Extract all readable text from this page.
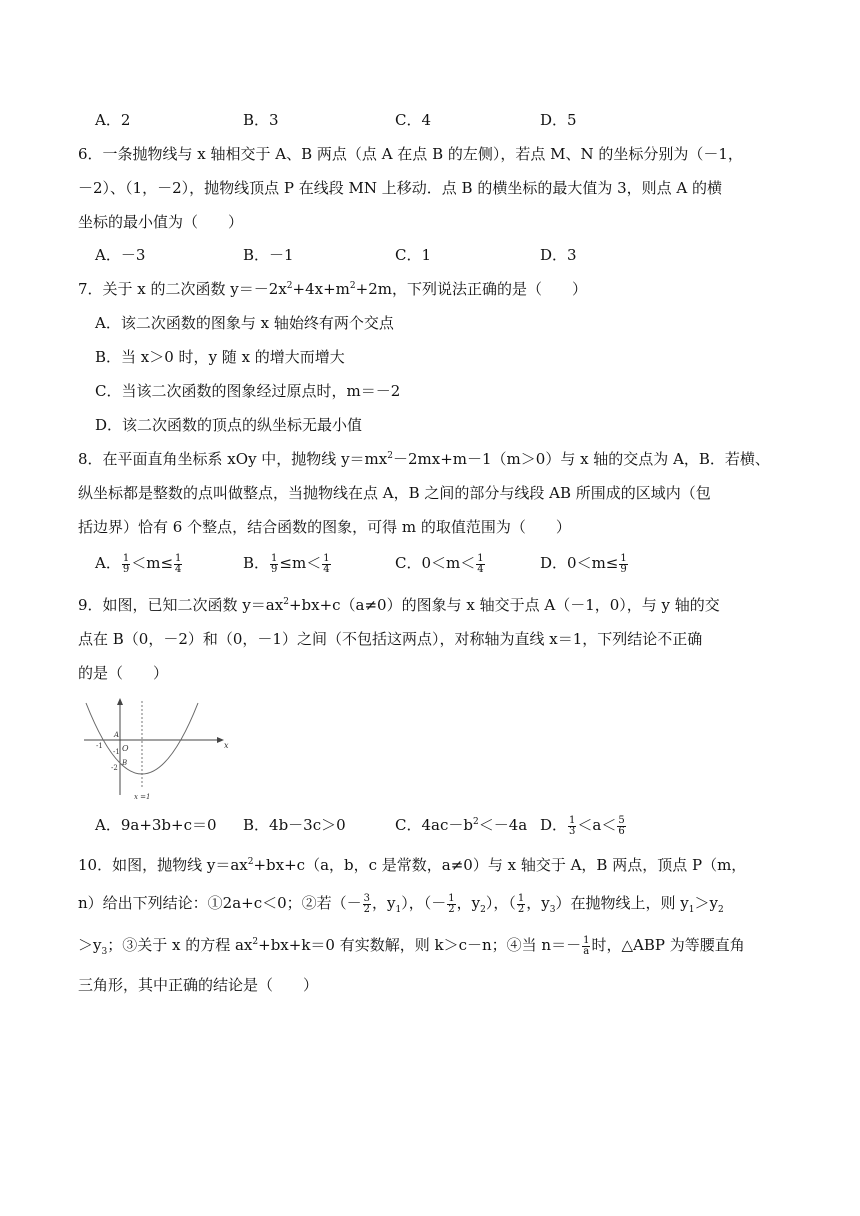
A．2	B．3	C．4	D．5
6．一条抛物线与 x 轴相交于 A、B 两点（点 A 在点 B 的左侧），若点 M、N 的坐标分别为（－1，
－2）、（1，－2），抛物线顶点 P 在线段 MN 上移动．点 B 的横坐标的最大值为 3，则点 A 的横
坐标的最小值为（　　）
A．－3	B．－1	C．1	D．3
7．关于 x 的二次函数 $y=-2x^2+4x+m^2+2m$，下列说法正确的是（　　）
A．该二次函数的图象与 x 轴始终有两个交点
B．当 x＞0 时，y 随 x 的增大而增大
C．当该二次函数的图象经过原点时，m＝－2
D．该二次函数的顶点的纵坐标无最小值
8．在平面直角坐标系 xOy 中，抛物线 $y=mx^2-2mx+m-1(m>0)$与 x 轴的交点为 A，B．若横、
纵坐标都是整数的点叫做整点，当抛物线在点 A，B 之间的部分与线段 AB 所围成的区域内（包
括边界）恰有 6 个整点，结合函数的图象，可得 m 的取值范围为（　　）
A． $\frac{1}{9} <m\le \frac{1}{4}$	B． $\frac{1}{9} \le m< \frac{1}{4}$	C．$0<m< \frac{1}{4}$	D．$0<m\le \frac{1}{9}$
9．如图，已知二次函数 $y=ax^2+bx+c(a\ne 0)$的图象与 x 轴交于点 A（－1，0），与 y 轴的交
点在 B（0，－2）和（0，－1）之间（不包括这两点），对称轴为直线 x＝1，下列结论不正确
的是（　　）
x
O
A
-1
-1
B
-2
x =1
A．9a+3b+c＝0 B．4b－3c＞0	C．$4ac-b^2<-4a$ D． $\frac{1}{3} <a< \frac{5}{6}$
10．如图，抛物线 $y=ax^2+bx+c(a$，b，c 是常数，a≠0）与 x 轴交于 A，B 两点，顶点 P（m，
n）给出下列结论：①2a+c＜0；②若（－ $\frac{3}{2}$ ，$y_1$），（－ $\frac{1}{2}$ ，$y_2$），（ $\frac{1}{2}$ ，$y_3$）在抛物线上，则 $y_1>y_2$
$>y_3$；③关于 x 的方程 $ax^2+bx+k=0$ 有实数解，则 k＞c－n；④当 $n=- \frac{1}{a}$ 时，△ABP 为等腰直角
三角形，其中正确的结论是（　　）
